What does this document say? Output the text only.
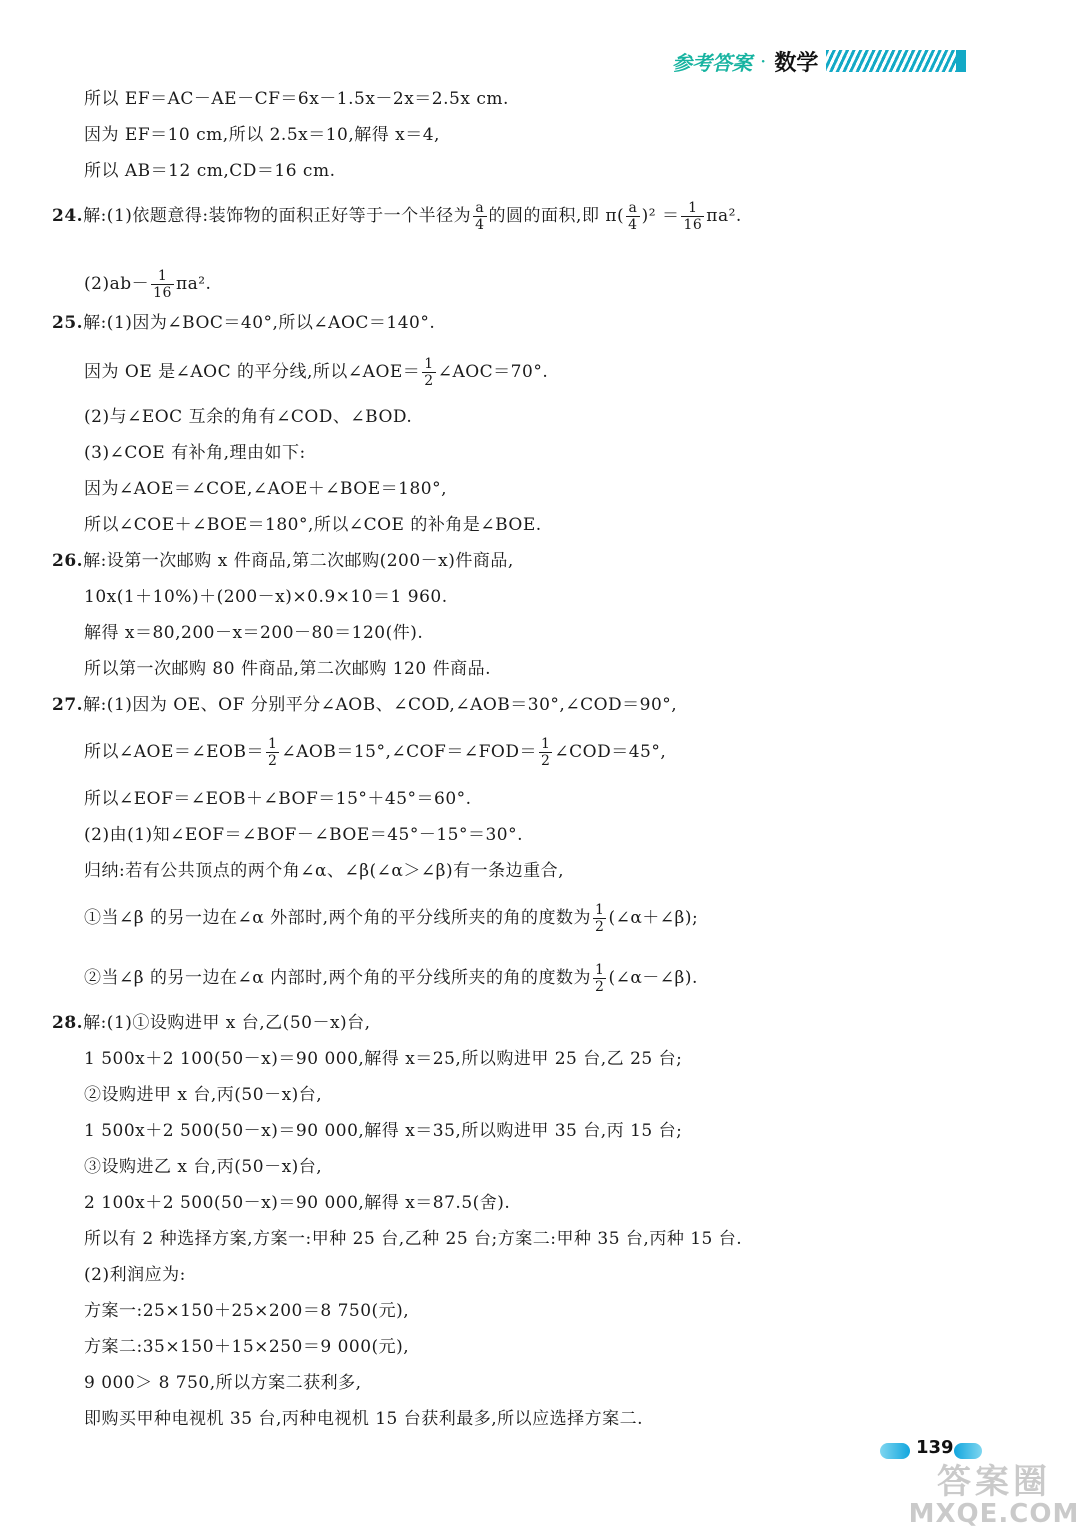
参考答案 · 数学
所以 EF＝AC－AE－CF＝6x－1.5x－2x＝2.5x cm.
因为 EF＝10 cm,所以 2.5x＝10,解得 x＝4,
所以 AB＝12 cm,CD＝16 cm.
24.解:(1)依题意得:装饰物的面积正好等于一个半径为 $\frac{a}{4}$ 的圆的面积,即 $\pi( \frac{a}{4} )^2 = \frac{1}{16} \pi a^2$.
$(2)ab- \frac{1}{16} \pi a^2$.
25.解:(1)因为∠BOC＝40°,所以∠AOC＝140°.
因为 OE 是∠AOC 的平分线,所以∠AOE＝ $\frac{1}{2}$ ∠AOC＝70°.
(2)与∠EOC 互余的角有∠COD、∠BOD.
(3)∠COE 有补角,理由如下:
因为∠AOE＝∠COE,∠AOE＋∠BOE＝180°,
所以∠COE＋∠BOE＝180°,所以∠COE 的补角是∠BOE.
26.解:设第一次邮购 x 件商品,第二次邮购(200－x)件商品,
10x(1＋10%)＋(200－x)×0.9×10＝1 960.
解得 x＝80,200－x＝200－80＝120(件).
所以第一次邮购 80 件商品,第二次邮购 120 件商品.
27.解:(1)因为 OE、OF 分别平分∠AOB、∠COD,∠AOB＝30°,∠COD＝90°,
所以∠AOE＝∠EOB＝ $\frac{1}{2}$ ∠AOB＝15°,∠COF＝∠FOD＝ $\frac{1}{2}$ ∠COD＝45°,
所以∠EOF＝∠EOB＋∠BOF＝15°＋45°＝60°.
(2)由(1)知∠EOF＝∠BOF－∠BOE＝45°－15°＝30°.
归纳:若有公共顶点的两个角∠α、∠β(∠α＞∠β)有一条边重合,
①当∠β 的另一边在∠α 外部时,两个角的平分线所夹的角的度数为 $\frac{1}{2}$ (∠α＋∠β);
②当∠β 的另一边在∠α 内部时,两个角的平分线所夹的角的度数为 $\frac{1}{2}$ (∠α－∠β).
28.解:(1)①设购进甲 x 台,乙(50－x)台,
1 500x＋2 100(50－x)＝90 000,解得 x＝25,所以购进甲 25 台,乙 25 台;
②设购进甲 x 台,丙(50－x)台,
1 500x＋2 500(50－x)＝90 000,解得 x＝35,所以购进甲 35 台,丙 15 台;
③设购进乙 x 台,丙(50－x)台,
2 100x＋2 500(50－x)＝90 000,解得 x＝87.5(舍).
所以有 2 种选择方案,方案一:甲种 25 台,乙种 25 台;方案二:甲种 35 台,丙种 15 台.
(2)利润应为:
方案一:25×150＋25×200＝8 750(元),
方案二:35×150＋15×250＝9 000(元),
9 000＞ 8 750,所以方案二获利多,
即购买甲种电视机 35 台,丙种电视机 15 台获利最多,所以应选择方案二.
139
答案圈
MXQE.COM
